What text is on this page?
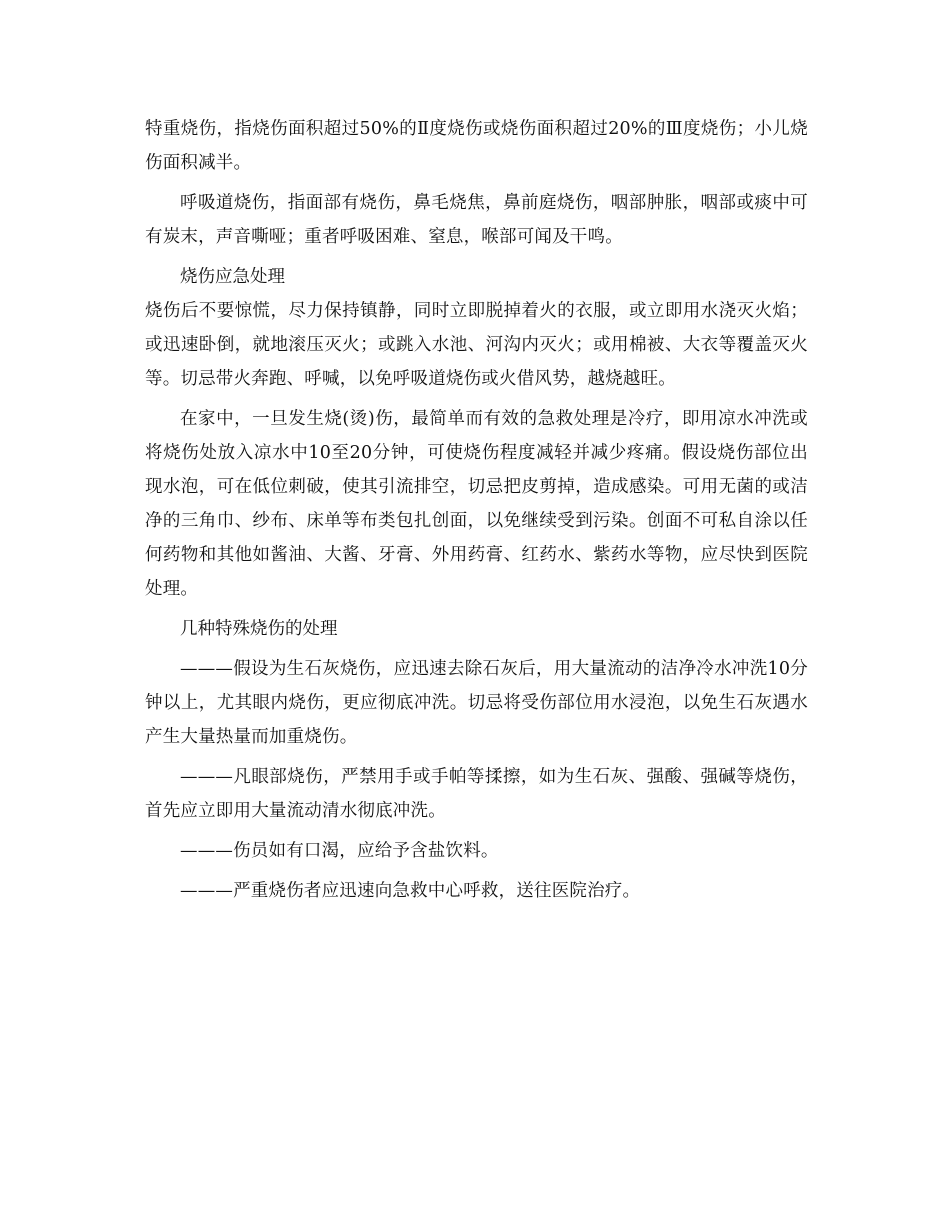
特重烧伤，指烧伤面积超过50%的Ⅱ度烧伤或烧伤面积超过20%的Ⅲ度烧伤；小儿烧伤面积减半。

呼吸道烧伤，指面部有烧伤，鼻毛烧焦，鼻前庭烧伤，咽部肿胀，咽部或痰中可有炭末，声音嘶哑；重者呼吸困难、窒息，喉部可闻及干鸣。

烧伤应急处理

烧伤后不要惊慌，尽力保持镇静，同时立即脱掉着火的衣服，或立即用水浇灭火焰；或迅速卧倒，就地滚压灭火；或跳入水池、河沟内灭火；或用棉被、大衣等覆盖灭火等。切忌带火奔跑、呼喊，以免呼吸道烧伤或火借风势，越烧越旺。

在家中，一旦发生烧(烫)伤，最简单而有效的急救处理是冷疗，即用凉水冲洗或将烧伤处放入凉水中10至20分钟，可使烧伤程度减轻并减少疼痛。假设烧伤部位出现水泡，可在低位刺破，使其引流排空，切忌把皮剪掉，造成感染。可用无菌的或洁净的三角巾、纱布、床单等布类包扎创面，以免继续受到污染。创面不可私自涂以任何药物和其他如酱油、大酱、牙膏、外用药膏、红药水、紫药水等物，应尽快到医院处理。

几种特殊烧伤的处理

———假设为生石灰烧伤，应迅速去除石灰后，用大量流动的洁净冷水冲洗10分钟以上，尤其眼内烧伤，更应彻底冲洗。切忌将受伤部位用水浸泡，以免生石灰遇水产生大量热量而加重烧伤。

———凡眼部烧伤，严禁用手或手帕等揉擦，如为生石灰、强酸、强碱等烧伤，首先应立即用大量流动清水彻底冲洗。

———伤员如有口渴，应给予含盐饮料。

———严重烧伤者应迅速向急救中心呼救，送往医院治疗。
